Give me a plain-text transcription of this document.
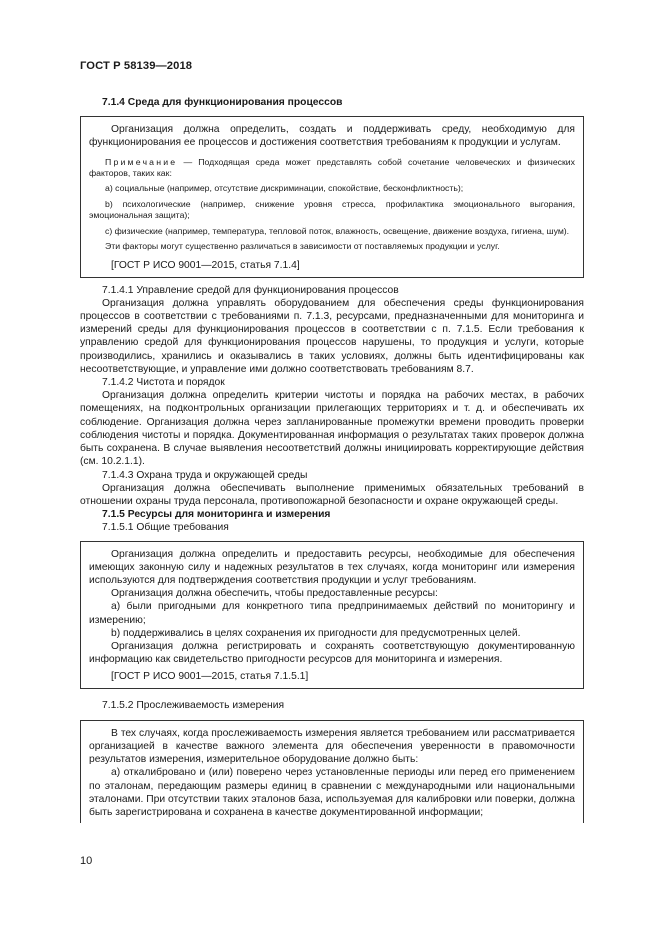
ГОСТ Р 58139—2018

7.1.4 Среда для функционирования процессов

Организация должна определить, создать и поддерживать среду, необходимую для функционирования ее процессов и достижения соответствия требованиям к продукции и услугам.

Примечание — Подходящая среда может представлять собой сочетание человеческих и физических факторов, таких как:

а) социальные (например, отсутствие дискриминации, спокойствие, бесконфликтность);

b) психологические (например, снижение уровня стресса, профилактика эмоционального выгорания, эмоциональная защита);

с) физические (например, температура, тепловой поток, влажность, освещение, движение воздуха, гигиена, шум).

Эти факторы могут существенно различаться в зависимости от поставляемых продукции и услуг.

[ГОСТ Р ИСО 9001—2015, статья 7.1.4]

7.1.4.1 Управление средой для функционирования процессов

Организация должна управлять оборудованием для обеспечения среды функционирования процессов в соответствии с требованиями п. 7.1.3, ресурсами, предназначенными для мониторинга и измерений среды для функционирования процессов в соответствии с п. 7.1.5. Если требования к управлению средой для функционирования процессов нарушены, то продукция и услуги, которые производились, хранились и оказывались в таких условиях, должны быть идентифицированы как несоответствующие, и управление ими должно соответствовать требованиям 8.7.

7.1.4.2 Чистота и порядок

Организация должна определить критерии чистоты и порядка на рабочих местах, в рабочих помещениях, на подконтрольных организации прилегающих территориях и т. д. и обеспечивать их соблюдение. Организация должна через запланированные промежутки времени проводить проверки соблюдения чистоты и порядка. Документированная информация о результатах таких проверок должна быть сохранена. В случае выявления несоответствий должны инициировать корректирующие действия (см. 10.2.1.1).

7.1.4.3 Охрана труда и окружающей среды

Организация должна обеспечивать выполнение применимых обязательных требований в отношении охраны труда персонала, противопожарной безопасности и охране окружающей среды.

7.1.5 Ресурсы для мониторинга и измерения

7.1.5.1 Общие требования

Организация должна определить и предоставить ресурсы, необходимые для обеспечения имеющих законную силу и надежных результатов в тех случаях, когда мониторинг или измерения используются для подтверждения соответствия продукции и услуг требованиям.

Организация должна обеспечить, чтобы предоставленные ресурсы:

а) были пригодными для конкретного типа предпринимаемых действий по мониторингу и измерению;

b) поддерживались в целях сохранения их пригодности для предусмотренных целей.

Организация должна регистрировать и сохранять соответствующую документированную информацию как свидетельство пригодности ресурсов для мониторинга и измерения.

[ГОСТ Р ИСО 9001—2015, статья 7.1.5.1]

7.1.5.2 Прослеживаемость измерения

В тех случаях, когда прослеживаемость измерения является требованием или рассматривается организацией в качестве важного элемента для обеспечения уверенности в правомочности результатов измерения, измерительное оборудование должно быть:

а) откалибровано и (или) поверено через установленные периоды или перед его применением по эталонам, передающим размеры единиц в сравнении с международными или национальными эталонами. При отсутствии таких эталонов база, используемая для калибровки или поверки, должна быть зарегистрирована и сохранена в качестве документированной информации;

10
